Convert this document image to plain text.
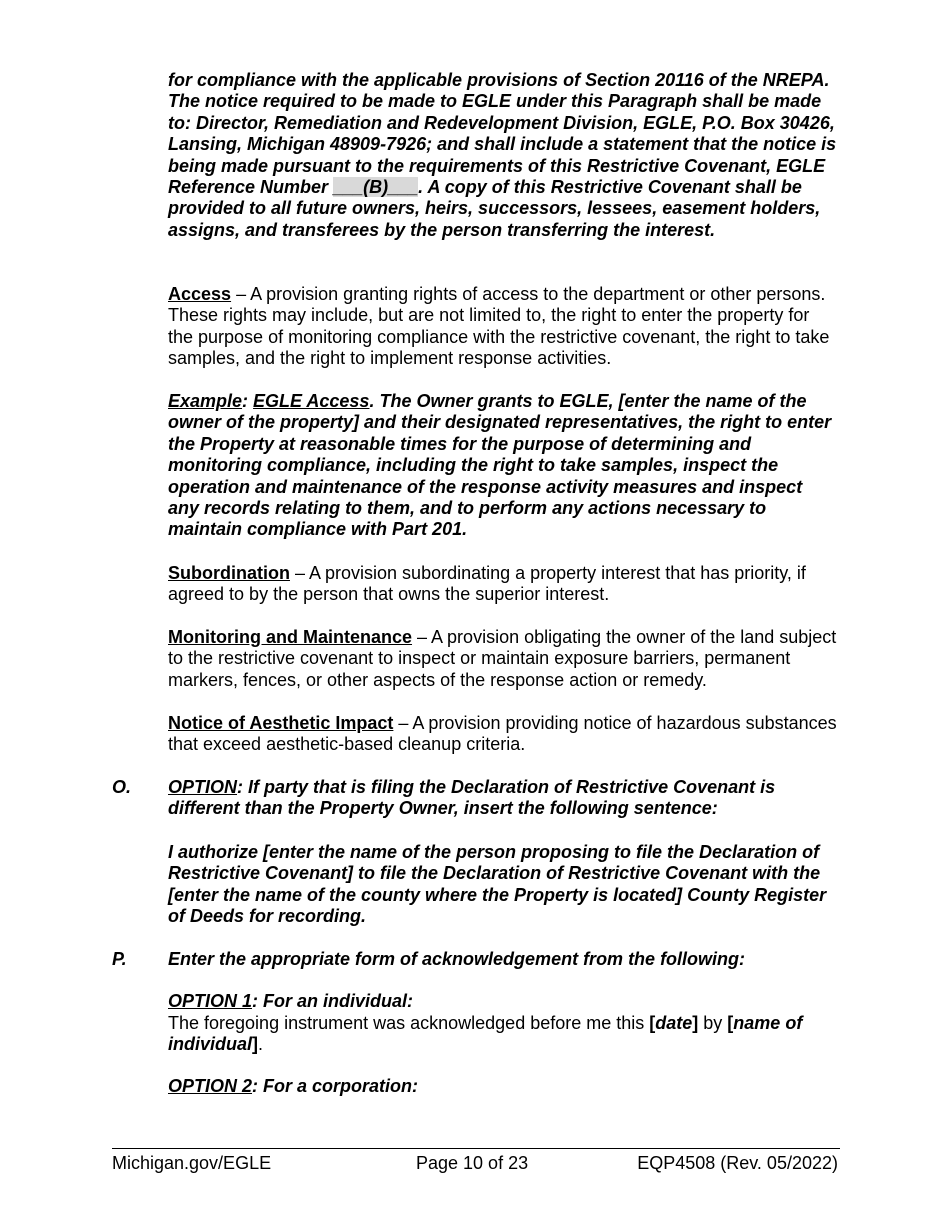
for compliance with the applicable provisions of Section 20116 of the NREPA. The notice required to be made to EGLE under this Paragraph shall be made to: Director, Remediation and Redevelopment Division, EGLE, P.O. Box 30426, Lansing, Michigan 48909-7926; and shall include a statement that the notice is being made pursuant to the requirements of this Restrictive Covenant, EGLE Reference Number ___(B)___. A copy of this Restrictive Covenant shall be provided to all future owners, heirs, successors, lessees, easement holders, assigns, and transferees by the person transferring the interest.
Access – A provision granting rights of access to the department or other persons. These rights may include, but are not limited to, the right to enter the property for the purpose of monitoring compliance with the restrictive covenant, the right to take samples, and the right to implement response activities.
Example: EGLE Access. The Owner grants to EGLE, [enter the name of the owner of the property] and their designated representatives, the right to enter the Property at reasonable times for the purpose of determining and monitoring compliance, including the right to take samples, inspect the operation and maintenance of the response activity measures and inspect any records relating to them, and to perform any actions necessary to maintain compliance with Part 201.
Subordination – A provision subordinating a property interest that has priority, if agreed to by the person that owns the superior interest.
Monitoring and Maintenance – A provision obligating the owner of the land subject to the restrictive covenant to inspect or maintain exposure barriers, permanent markers, fences, or other aspects of the response action or remedy.
Notice of Aesthetic Impact – A provision providing notice of hazardous substances that exceed aesthetic-based cleanup criteria.
O. OPTION: If party that is filing the Declaration of Restrictive Covenant is different than the Property Owner, insert the following sentence:
I authorize [enter the name of the person proposing to file the Declaration of Restrictive Covenant] to file the Declaration of Restrictive Covenant with the [enter the name of the county where the Property is located] County Register of Deeds for recording.
P. Enter the appropriate form of acknowledgement from the following:
OPTION 1: For an individual:
The foregoing instrument was acknowledged before me this [date] by [name of individual].
OPTION 2: For a corporation:
Michigan.gov/EGLE	Page 10 of 23	EQP4508 (Rev. 05/2022)
